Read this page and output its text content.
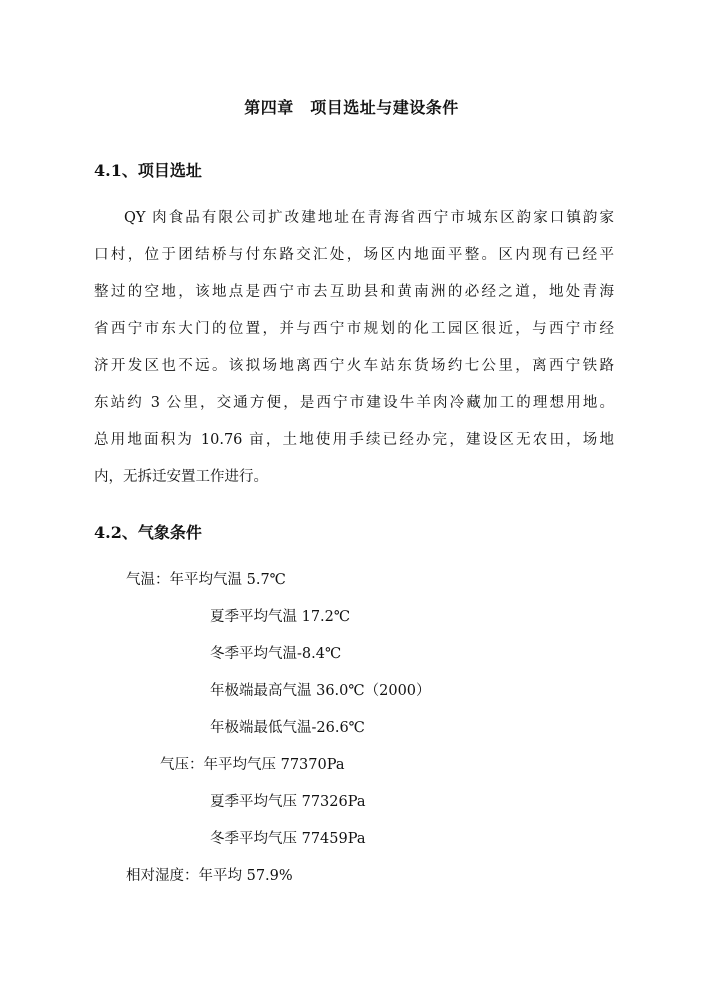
第四章　项目选址与建设条件
4.1、项目选址
QY 肉食品有限公司扩改建地址在青海省西宁市城东区韵家口镇韵家
口村，位于团结桥与付东路交汇处，场区内地面平整。区内现有已经平
整过的空地，该地点是西宁市去互助县和黄南洲的必经之道，地处青海
省西宁市东大门的位置，并与西宁市规划的化工园区很近，与西宁市经
济开发区也不远。该拟场地离西宁火车站东货场约七公里，离西宁铁路
东站约 3 公里，交通方便，是西宁市建设牛羊肉冷藏加工的理想用地。
总用地面积为 10.76 亩，土地使用手续已经办完，建设区无农田，场地
内，无拆迁安置工作进行。
4.2、气象条件
气温：年平均气温 5.7℃
夏季平均气温 17.2℃
冬季平均气温-8.4℃
年极端最高气温 36.0℃（2000）
年极端最低气温-26.6℃
气压：年平均气压 77370Pa
夏季平均气压 77326Pa
冬季平均气压 77459Pa
相对湿度：年平均 57.9%
